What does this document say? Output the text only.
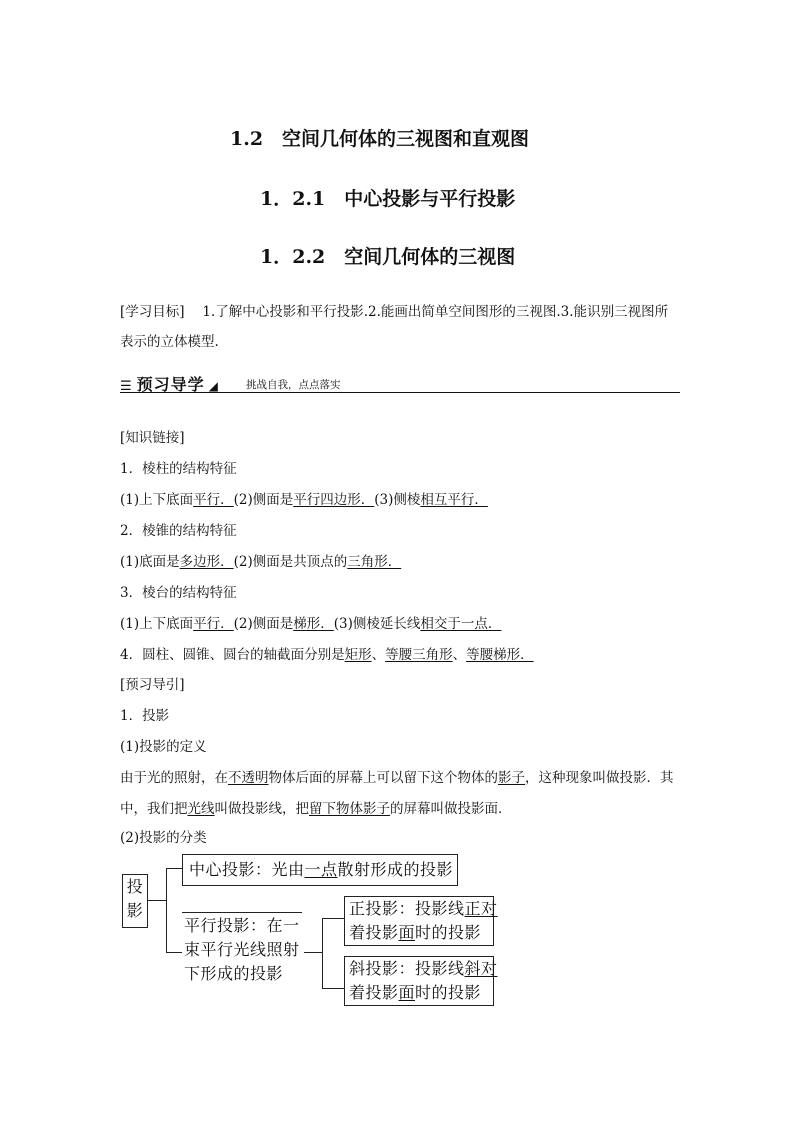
1.2　空间几何体的三视图和直观图
1．2.1　中心投影与平行投影
1．2.2　空间几何体的三视图
[学习目标]　 1.了解中心投影和平行投影.2.能画出简单空间图形的三视图.3.能识别三视图所
表示的立体模型.
☰ 预习导学 ◢	挑战自我，点点落实
[知识链接]
1．棱柱的结构特征
(1)上下底面平行．(2)侧面是平行四边形．(3)侧棱相互平行．
2．棱锥的结构特征
(1)底面是多边形．(2)侧面是共顶点的三角形．
3．棱台的结构特征
(1)上下底面平行．(2)侧面是梯形．(3)侧棱延长线相交于一点．
4．圆柱、圆锥、圆台的轴截面分别是矩形、等腰三角形、等腰梯形．
[预习导引]
1．投影
(1)投影的定义
由于光的照射，在不透明物体后面的屏幕上可以留下这个物体的影子，这种现象叫做投影．其
中，我们把光线叫做投影线，把留下物体影子的屏幕叫做投影面．
(2)投影的分类
投
影
中心投影：光由一点散射形成的投影
平行投影：在一
束平行光线照射
下形成的投影
正投影：投影线正对
着投影面时的投影
斜投影：投影线斜对
着投影面时的投影
